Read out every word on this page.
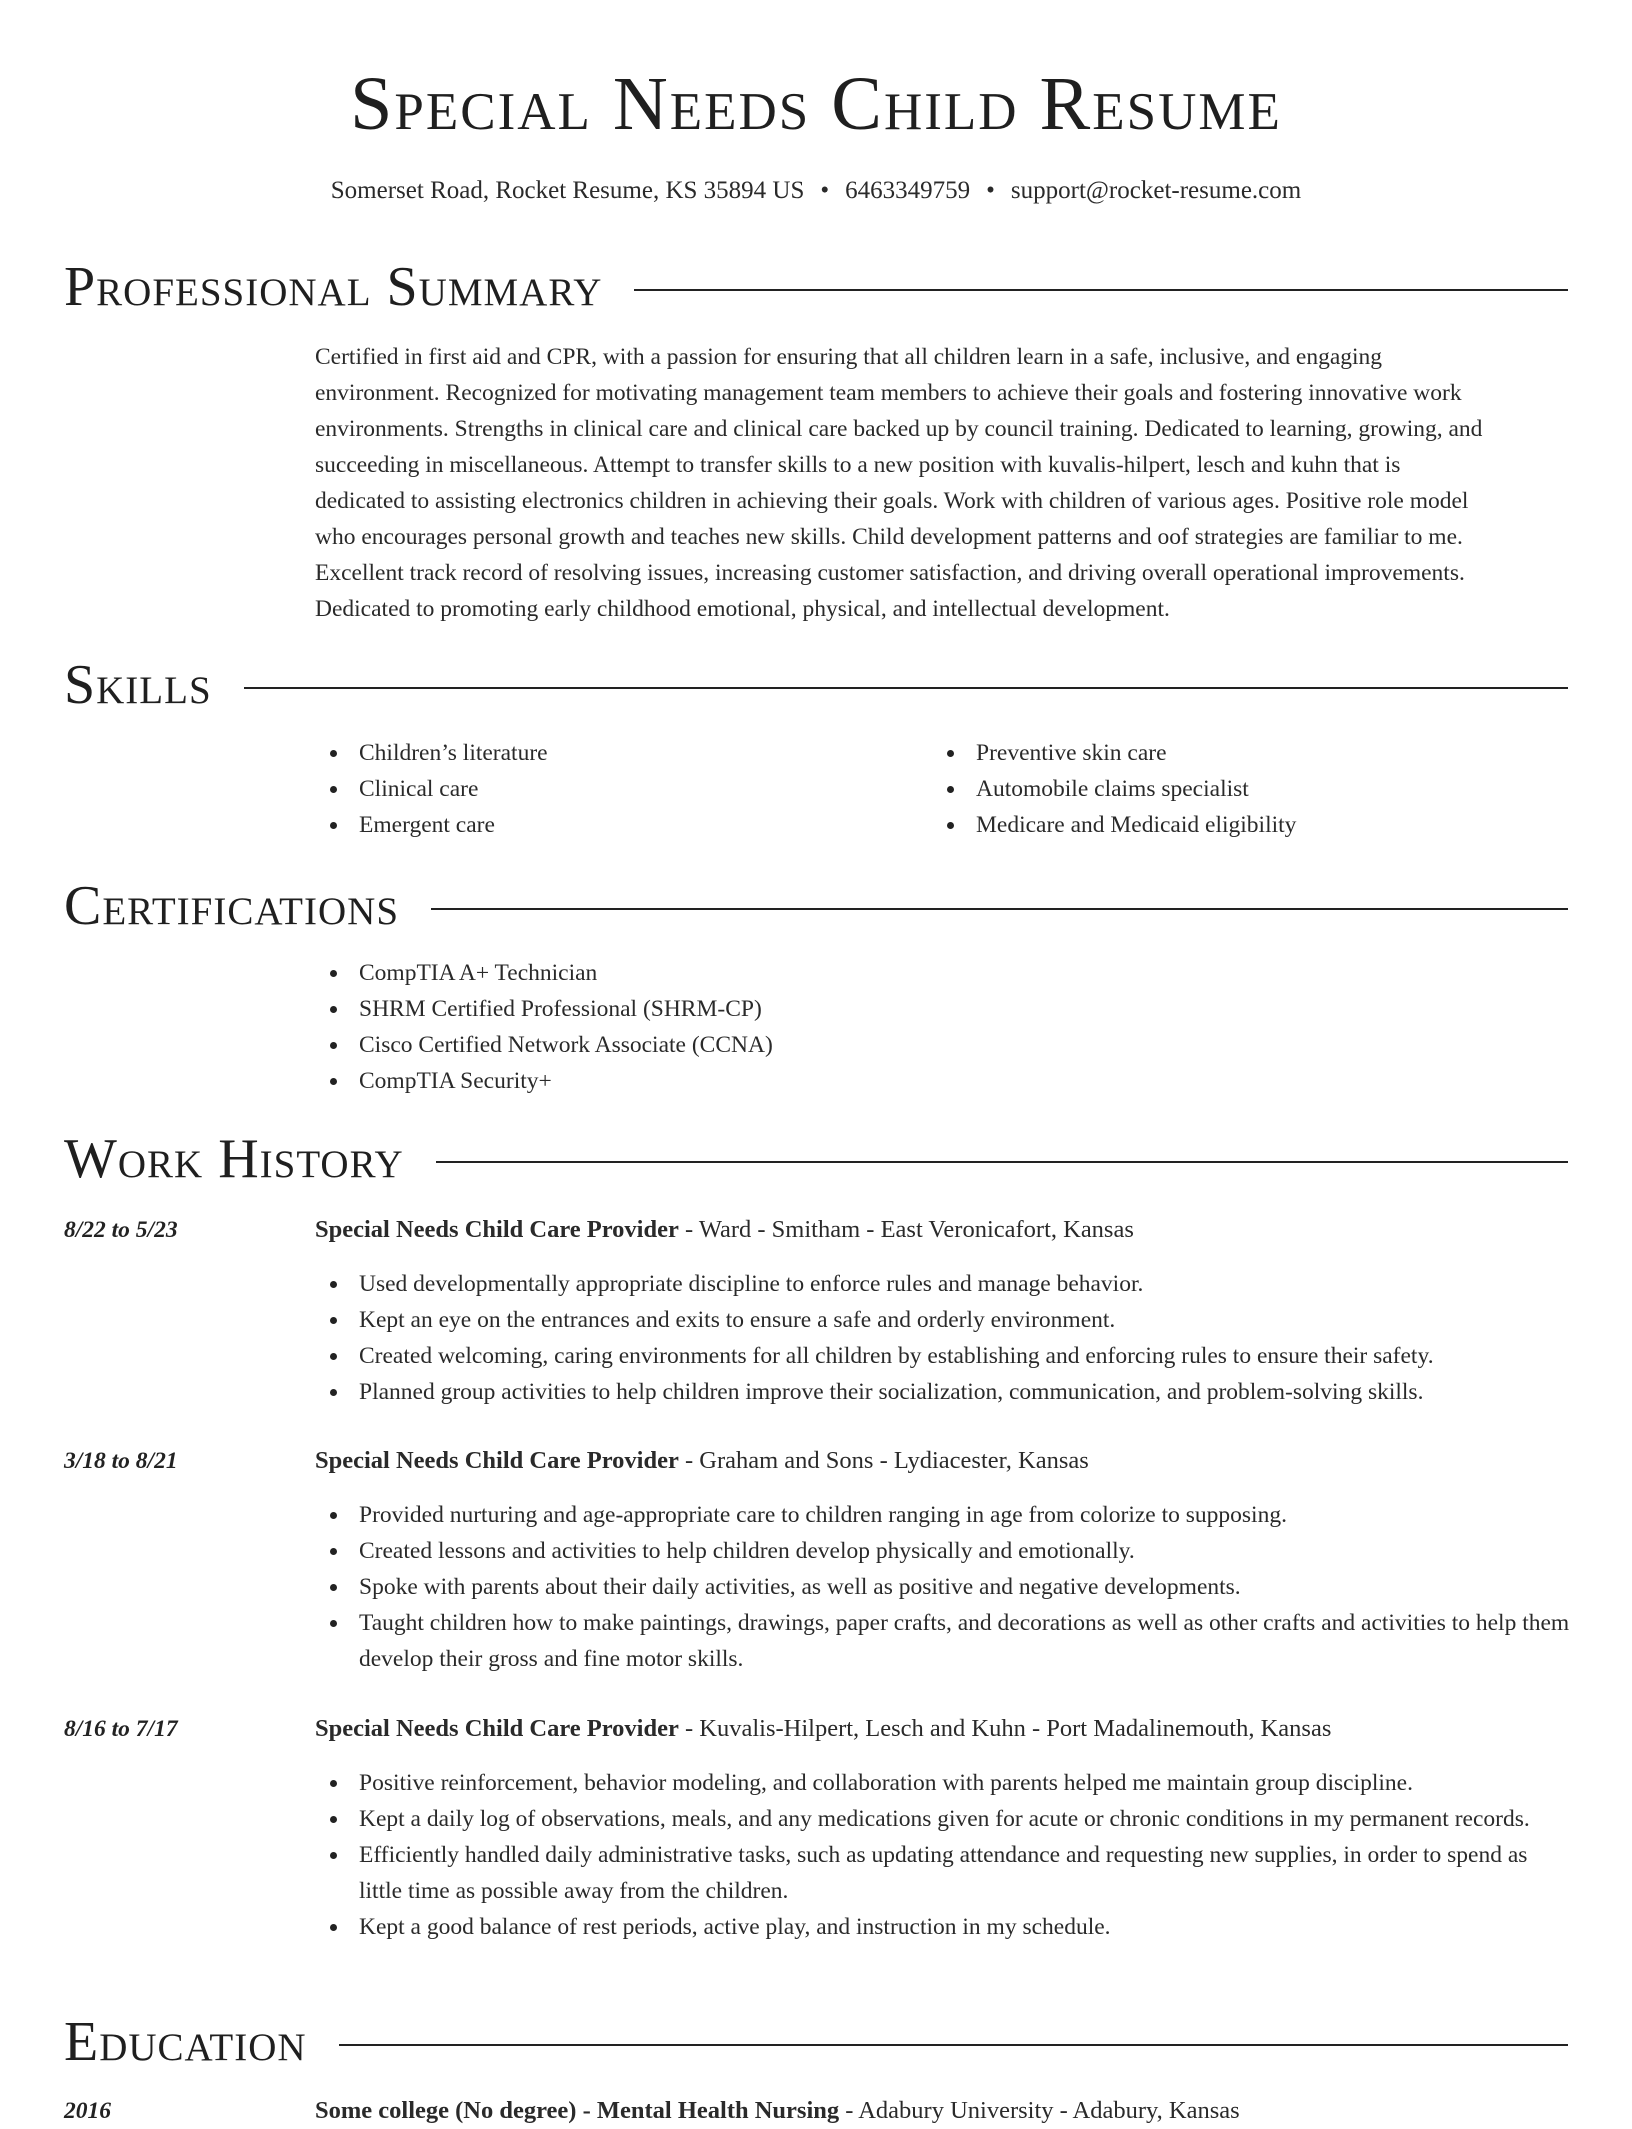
Special Needs Child Resume
Somerset Road, Rocket Resume, KS 35894 US • 6463349759 • support@rocket-resume.com
Professional Summary
Certified in first aid and CPR, with a passion for ensuring that all children learn in a safe, inclusive, and engaging
environment. Recognized for motivating management team members to achieve their goals and fostering innovative work
environments. Strengths in clinical care and clinical care backed up by council training. Dedicated to learning, growing, and
succeeding in miscellaneous. Attempt to transfer skills to a new position with kuvalis-hilpert, lesch and kuhn that is
dedicated to assisting electronics children in achieving their goals. Work with children of various ages. Positive role model
who encourages personal growth and teaches new skills. Child development patterns and oof strategies are familiar to me.
Excellent track record of resolving issues, increasing customer satisfaction, and driving overall operational improvements.
Dedicated to promoting early childhood emotional, physical, and intellectual development.
Skills
Children’s literature
Clinical care
Emergent care
Preventive skin care
Automobile claims specialist
Medicare and Medicaid eligibility
Certifications
CompTIA A+ Technician
SHRM Certified Professional (SHRM-CP)
Cisco Certified Network Associate (CCNA)
CompTIA Security+
Work History
8/22 to 5/23	Special Needs Child Care Provider - Ward - Smitham - East Veronicafort, Kansas
Used developmentally appropriate discipline to enforce rules and manage behavior.
Kept an eye on the entrances and exits to ensure a safe and orderly environment.
Created welcoming, caring environments for all children by establishing and enforcing rules to ensure their safety.
Planned group activities to help children improve their socialization, communication, and problem-solving skills.
3/18 to 8/21	Special Needs Child Care Provider - Graham and Sons - Lydiacester, Kansas
Provided nurturing and age-appropriate care to children ranging in age from colorize to supposing.
Created lessons and activities to help children develop physically and emotionally.
Spoke with parents about their daily activities, as well as positive and negative developments.
Taught children how to make paintings, drawings, paper crafts, and decorations as well as other crafts and activities to help them develop their gross and fine motor skills.
8/16 to 7/17	Special Needs Child Care Provider - Kuvalis-Hilpert, Lesch and Kuhn - Port Madalinemouth, Kansas
Positive reinforcement, behavior modeling, and collaboration with parents helped me maintain group discipline.
Kept a daily log of observations, meals, and any medications given for acute or chronic conditions in my permanent records.
Efficiently handled daily administrative tasks, such as updating attendance and requesting new supplies, in order to spend as little time as possible away from the children.
Kept a good balance of rest periods, active play, and instruction in my schedule.
Education
2016	Some college (No degree) - Mental Health Nursing - Adabury University - Adabury, Kansas
